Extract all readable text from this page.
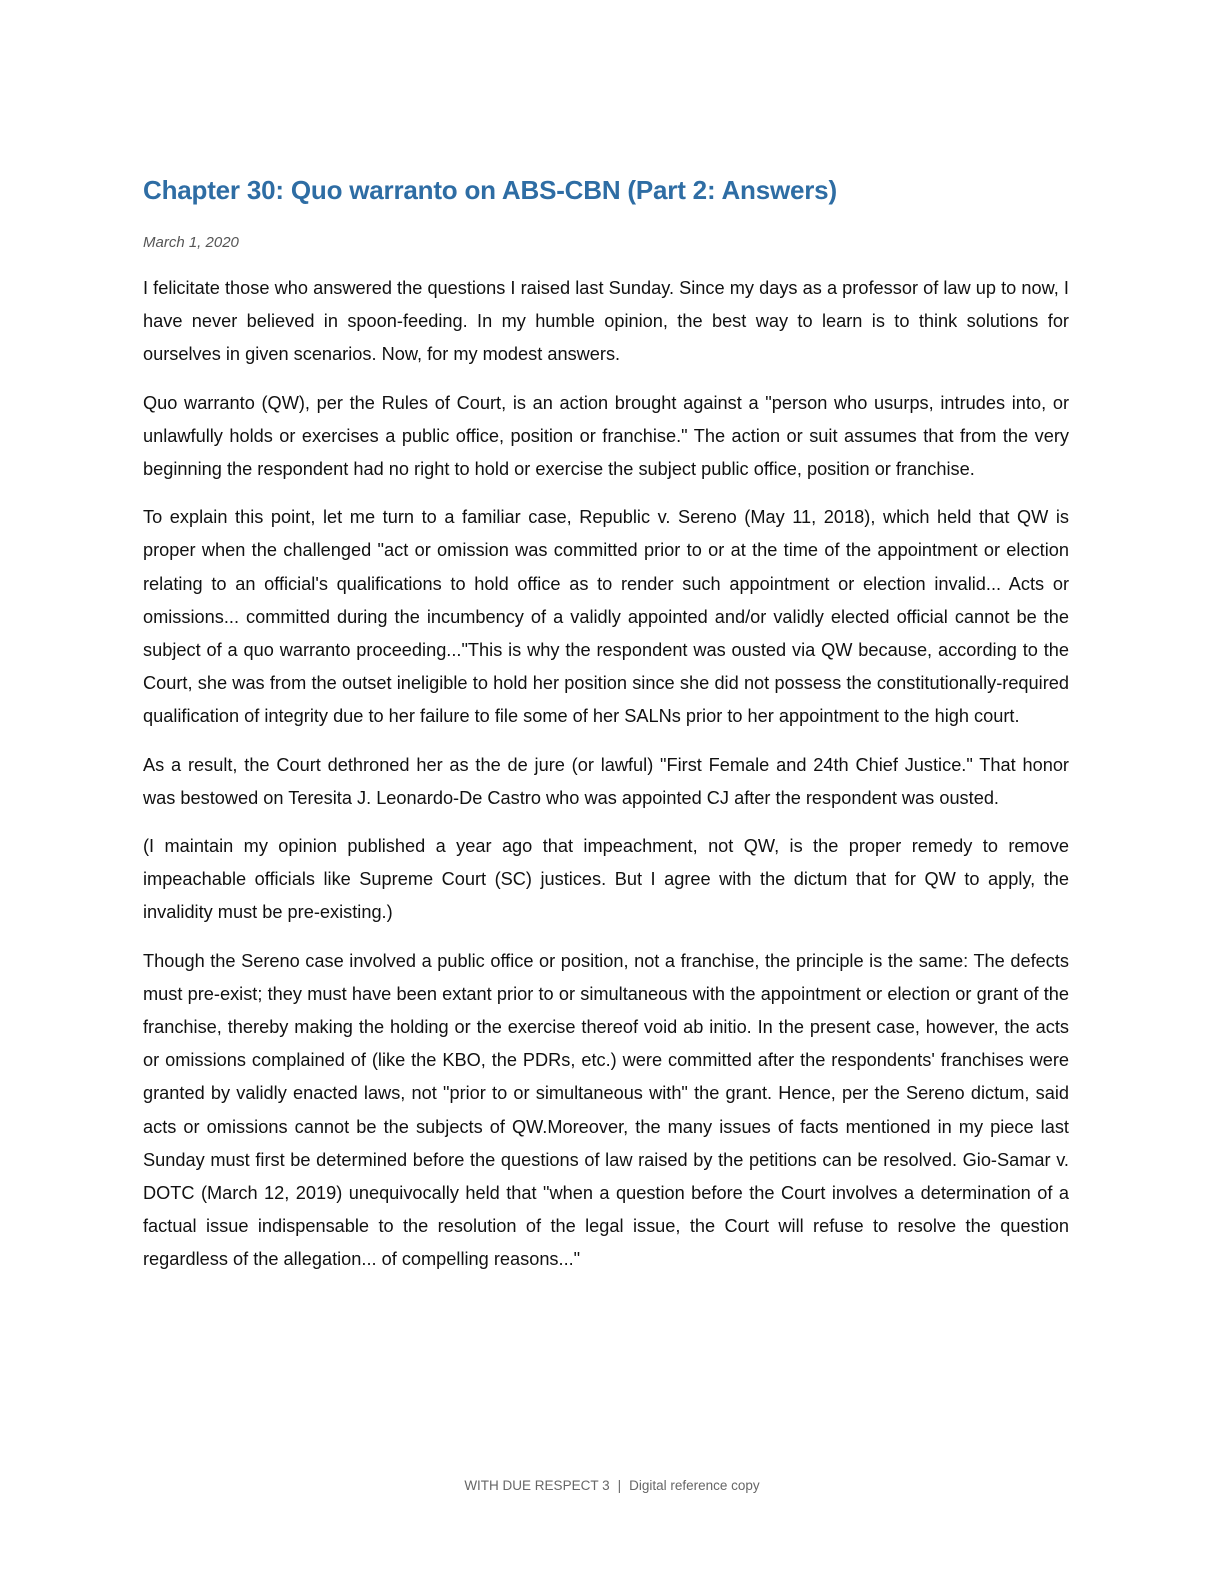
Chapter 30: Quo warranto on ABS-CBN (Part 2: Answers)
March 1, 2020

I felicitate those who answered the questions I raised last Sunday. Since my days as a professor of law up to now, I have never believed in spoon-feeding. In my humble opinion, the best way to learn is to think solutions for ourselves in given scenarios. Now, for my modest answers.

Quo warranto (QW), per the Rules of Court, is an action brought against a "person who usurps, intrudes into, or unlawfully holds or exercises a public office, position or franchise." The action or suit assumes that from the very beginning the respondent had no right to hold or exercise the subject public office, position or franchise.

To explain this point, let me turn to a familiar case, Republic v. Sereno (May 11, 2018), which held that QW is proper when the challenged "act or omission was committed prior to or at the time of the appointment or election relating to an official's qualifications to hold office as to render such appointment or election invalid... Acts or omissions... committed during the incumbency of a validly appointed and/or validly elected official cannot be the subject of a quo warranto proceeding..."This is why the respondent was ousted via QW because, according to the Court, she was from the outset ineligible to hold her position since she did not possess the constitutionally-required qualification of integrity due to her failure to file some of her SALNs prior to her appointment to the high court.

As a result, the Court dethroned her as the de jure (or lawful) "First Female and 24th Chief Justice." That honor was bestowed on Teresita J. Leonardo-De Castro who was appointed CJ after the respondent was ousted.

(I maintain my opinion published a year ago that impeachment, not QW, is the proper remedy to remove impeachable officials like Supreme Court (SC) justices. But I agree with the dictum that for QW to apply, the invalidity must be pre-existing.)

Though the Sereno case involved a public office or position, not a franchise, the principle is the same: The defects must pre-exist; they must have been extant prior to or simultaneous with the appointment or election or grant of the franchise, thereby making the holding or the exercise thereof void ab initio. In the present case, however, the acts or omissions complained of (like the KBO, the PDRs, etc.) were committed after the respondents' franchises were granted by validly enacted laws, not "prior to or simultaneous with" the grant. Hence, per the Sereno dictum, said acts or omissions cannot be the subjects of QW.Moreover, the many issues of facts mentioned in my piece last Sunday must first be determined before the questions of law raised by the petitions can be resolved. Gio-Samar v. DOTC (March 12, 2019) unequivocally held that "when a question before the Court involves a determination of a factual issue indispensable to the resolution of the legal issue, the Court will refuse to resolve the question regardless of the allegation... of compelling reasons..."

WITH DUE RESPECT 3 | Digital reference copy
